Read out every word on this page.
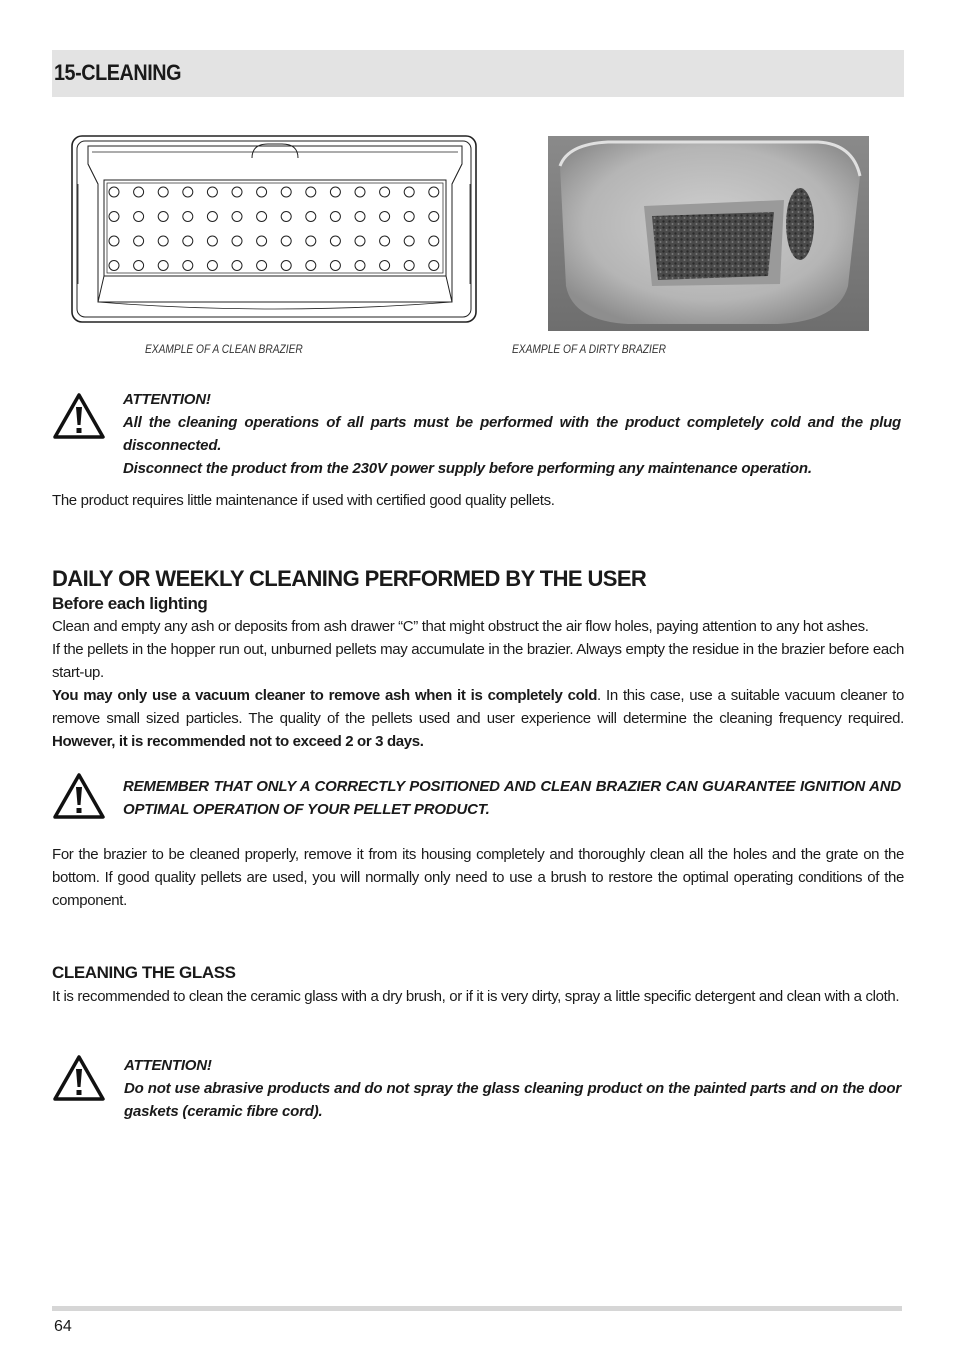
15-CLEANING
EXAMPLE OF A CLEAN BRAZIER	EXAMPLE OF A DIRTY BRAZIER
ATTENTION!
All the cleaning operations of all parts must be performed with the product completely cold and the plug disconnected.
Disconnect the product from the 230V power supply before performing any maintenance operation.
The product requires little maintenance if used with certified good quality pellets.
DAILY OR WEEKLY CLEANING PERFORMED BY THE USER
Before each lighting
Clean and empty any ash or deposits from ash drawer “C” that might obstruct the air flow holes, paying attention to any hot ashes.
If the pellets in the hopper run out, unburned pellets may accumulate in the brazier. Always empty the residue in the brazier before each start-up.
You may only use a vacuum cleaner to remove ash when it is completely cold. In this case, use a suitable vacuum cleaner to remove small sized particles. The quality of the pellets used and user experience will determine the cleaning frequency required. However, it is recommended not to exceed 2 or 3 days.
REMEMBER THAT ONLY A CORRECTLY POSITIONED AND CLEAN BRAZIER CAN GUARANTEE IGNITION AND OPTIMAL OPERATION OF YOUR PELLET PRODUCT.
For the brazier to be cleaned properly, remove it from its housing completely and thoroughly clean all the holes and the grate on the bottom. If good quality pellets are used, you will normally only need to use a brush to restore the optimal operating conditions of the component.
CLEANING THE GLASS
It is recommended to clean the ceramic glass with a dry brush, or if it is very dirty, spray a little specific detergent and clean with a cloth.
ATTENTION!
Do not use abrasive products and do not spray the glass cleaning product on the painted parts and on the door gaskets (ceramic fibre cord).
64
